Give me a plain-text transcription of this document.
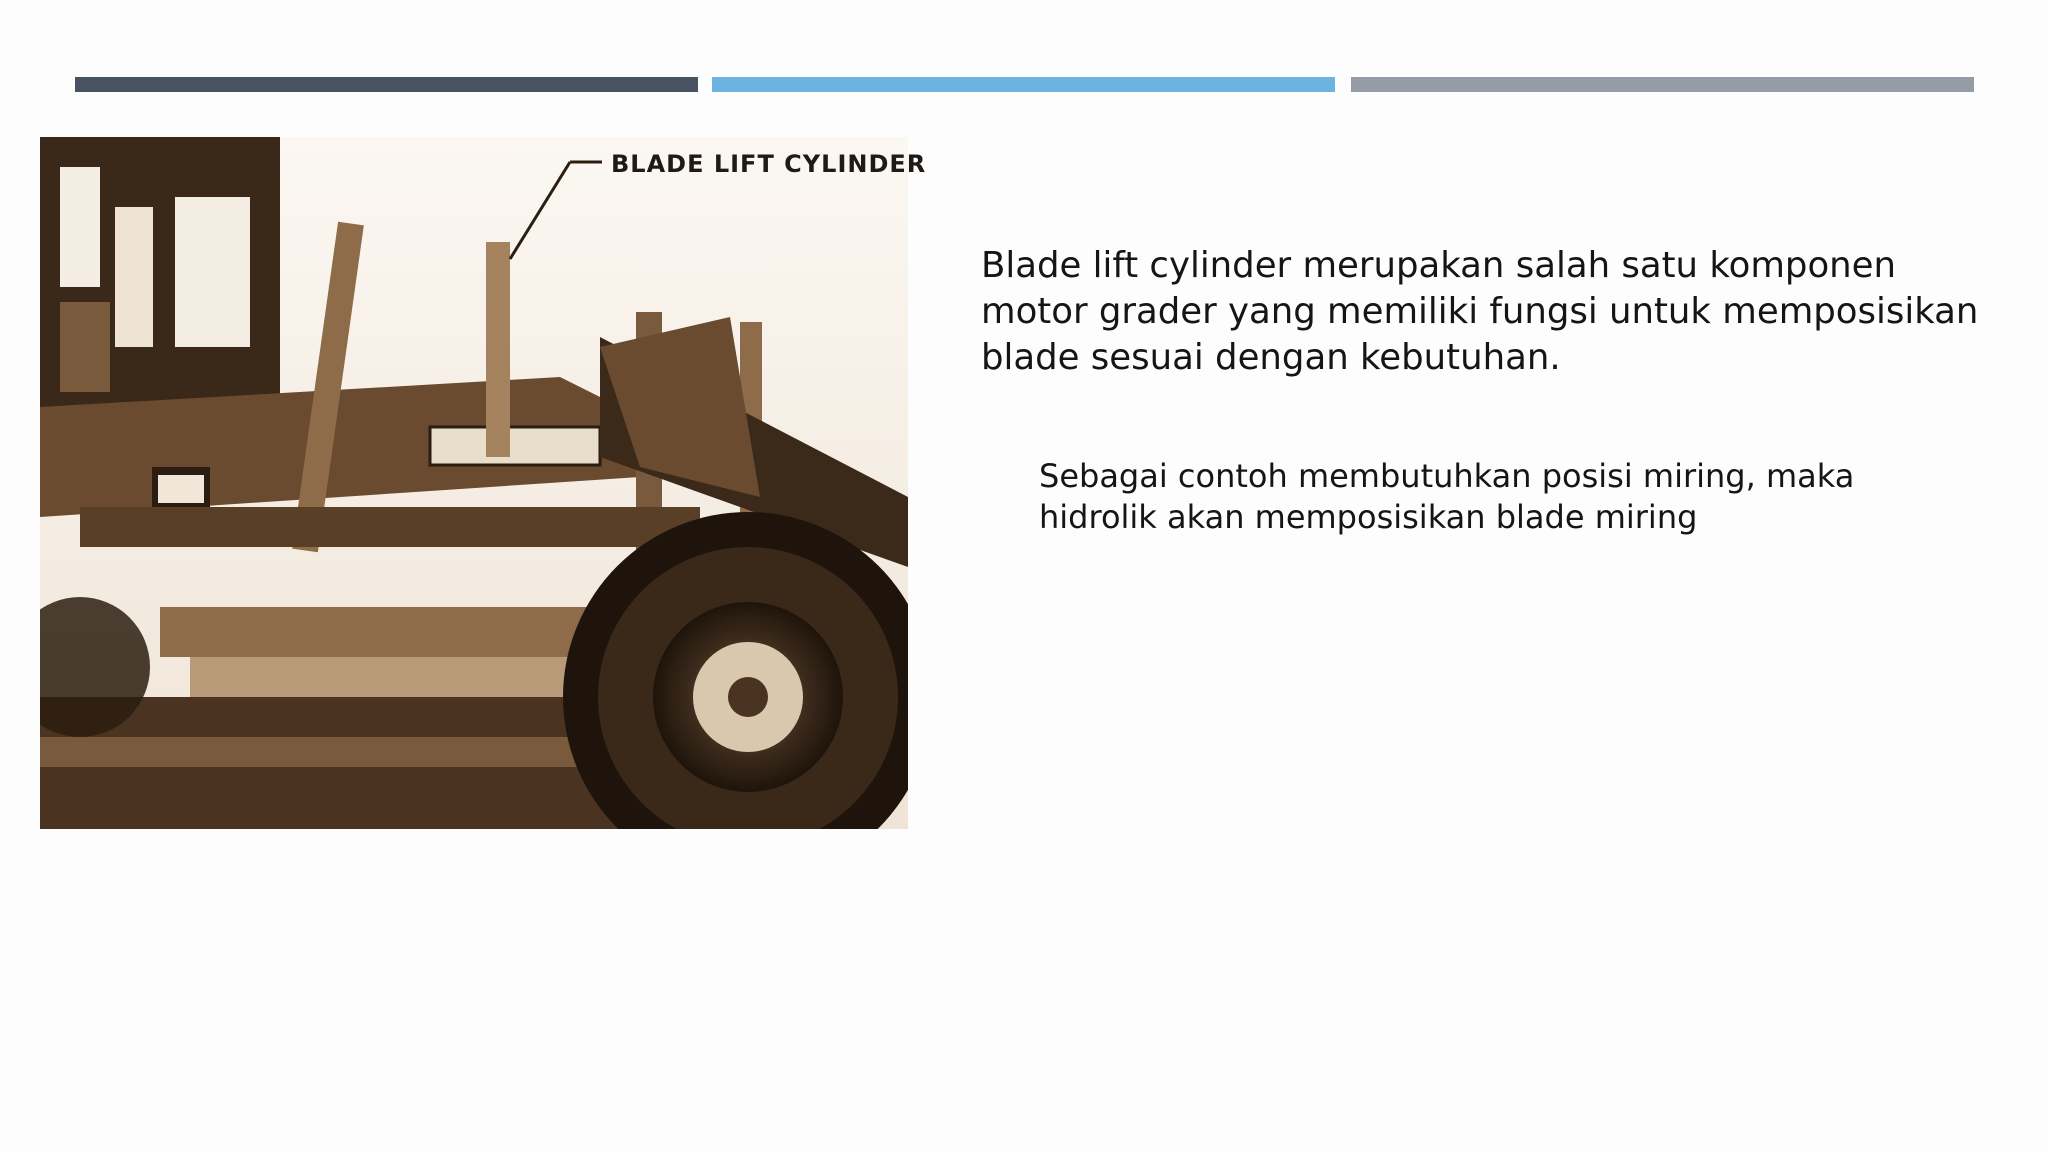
BLADE LIFT CYLINDER
Blade lift cylinder merupakan salah satu komponen motor grader yang memiliki fungsi untuk memposisikan blade sesuai dengan kebutuhan.
Sebagai contoh membutuhkan posisi miring, maka hidrolik akan memposisikan blade miring
